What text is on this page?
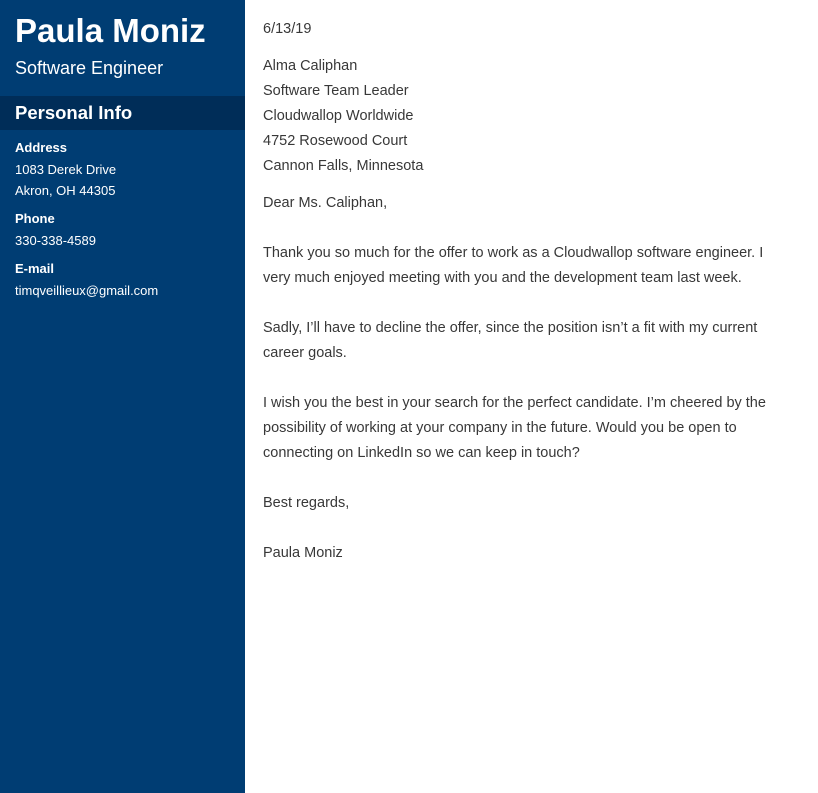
Paula Moniz

Software Engineer

Personal Info
Address
1083 Derek Drive
Akron, OH 44305
Phone
330-338-4589
E-mail
timqveillieux@gmail.com

6/13/19

Alma Caliphan

Software Team Leader

Cloudwallop Worldwide

4752 Rosewood Court

Cannon Falls, Minnesota

Dear Ms. Caliphan,

Thank you so much for the offer to work as a Cloudwallop software engineer. I very much enjoyed meeting with you and the development team last week.

Sadly, I’ll have to decline the offer, since the position isn’t a fit with my current career goals.

I wish you the best in your search for the perfect candidate. I’m cheered by the possibility of working at your company in the future. Would you be open to connecting on LinkedIn so we can keep in touch?

Best regards,

Paula Moniz
